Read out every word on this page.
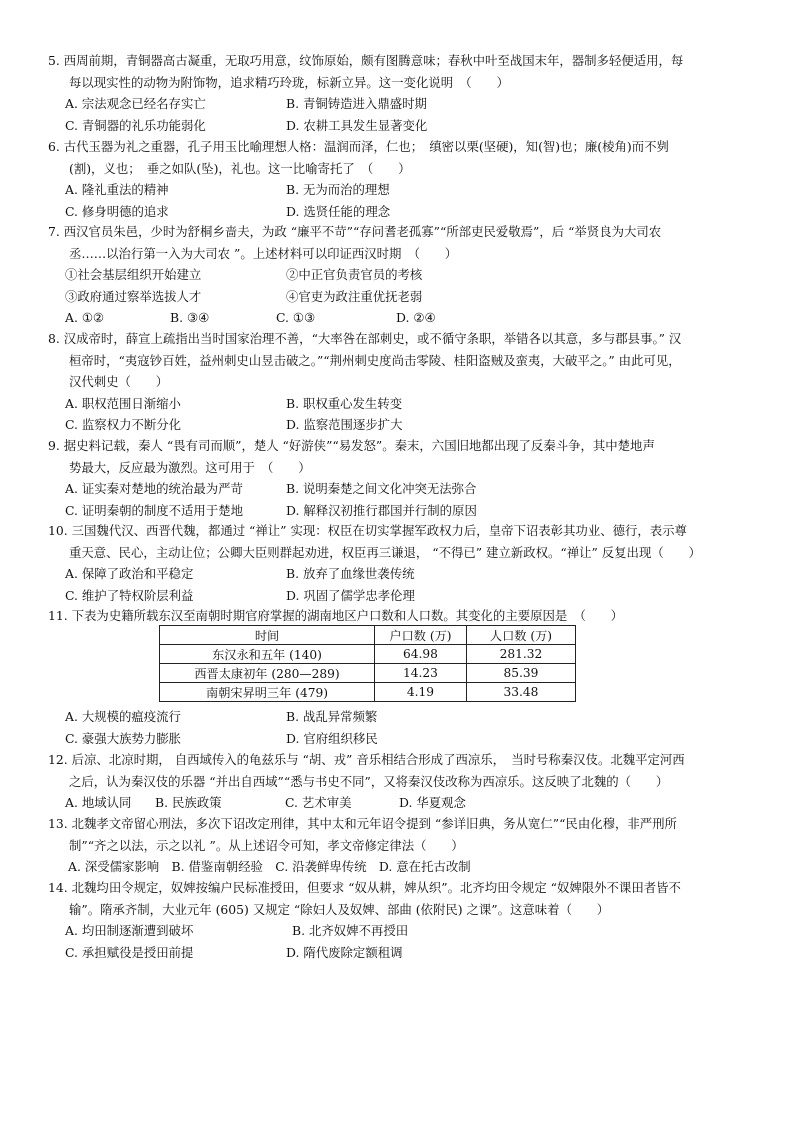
5. 西周前期，青铜器高古凝重，无取巧用意，纹饰原始，颇有图腾意味；春秋中叶至战国末年，器制多轻便适用，每

每以现实性的动物为附饰物，追求精巧玲珑，标新立异。这一变化说明　（　　）

A. 宗法观念已经名存实亡	B. 青铜铸造进入鼎盛时期
C. 青铜器的礼乐功能弱化	D. 农耕工具发生显著变化

6. 古代玉器为礼之重器，孔子用玉比喻理想人格：温润而泽，仁也；　缜密以栗(坚硬)，知(智)也；廉(棱角)而不刿

(割)，义也；　垂之如队(坠)，礼也。这一比喻寄托了　（　　）

A. 隆礼重法的精神	B. 无为而治的理想
C. 修身明德的追求	D. 选贤任能的理念

7. 西汉官员朱邑，少时为舒桐乡啬夫，为政 “廉平不苛”“存问耆老孤寡”“所部吏民爱敬焉”，后 “举贤良为大司农

丞……以治行第一入为大司农 ”。上述材料可以印证西汉时期　（　　）

①社会基层组织开始建立	②中正官负责官员的考核
③政府通过察举选拔人才	④官吏为政注重优抚老弱
A. ①②	B. ③④	C. ①③	D. ②④

8. 汉成帝时，薛宣上疏指出当时国家治理不善，“大率咎在部刺史，或不循守条职，举错各以其意，多与郡县事。” 汉

桓帝时，“夷寇钞百姓，益州刺史山昱击破之。”“荆州刺史度尚击零陵、桂阳盗贼及蛮夷，大破平之。” 由此可见，

汉代刺史（　　）

A. 职权范围日渐缩小	B. 职权重心发生转变
C. 监察权力不断分化	D. 监察范围逐步扩大

9. 据史料记载，秦人 “畏有司而顺”，楚人 “好游侠”“易发怒”。秦末，六国旧地都出现了反秦斗争，其中楚地声

势最大，反应最为激烈。这可用于　（　　）

A. 证实秦对楚地的统治最为严苛	B. 说明秦楚之间文化冲突无法弥合
C. 证明秦朝的制度不适用于楚地	D. 解释汉初推行郡国并行制的原因

10. 三国魏代汉、西晋代魏，都通过 “禅让” 实现：权臣在切实掌握军政权力后，皇帝下诏表彰其功业、德行，表示尊

重天意、民心，主动让位；公卿大臣则群起劝进，权臣再三谦退， “不得已” 建立新政权。“禅让” 反复出现（　　）

A. 保障了政治和平稳定	B. 放弃了血缘世袭传统
C. 维护了特权阶层利益	D. 巩固了儒学忠孝伦理

11. 下表为史籍所载东汉至南朝时期官府掌握的湖南地区户口数和人口数。其变化的主要原因是　（　　）

时间	户口数 (万)	人口数 (万)
东汉永和五年 (140)	64.98	281.32
西晋太康初年 (280—289)	14.23	85.39
南朝宋昇明三年 (479)	4.19	33.48
A. 大规模的瘟疫流行	B. 战乱异常频繁
C. 豪强大族势力膨胀	D. 官府组织移民

12. 后凉、北凉时期， 自西域传入的龟兹乐与 “胡、戎” 音乐相结合形成了西凉乐，　当时号称秦汉伎。北魏平定河西

之后，认为秦汉伎的乐器 “并出自西域”“悉与书史不同”，又将秦汉伎改称为西凉乐。这反映了北魏的（　　）

A. 地域认同 B. 民族政策	C. 艺术审美	D. 华夏观念

13. 北魏孝文帝留心刑法，多次下诏改定刑律，其中太和元年诏令提到 “参详旧典，务从宽仁”“民由化穆，非严刑所

制”“齐之以法，示之以礼 ”。从上述诏令可知，孝文帝修定律法（　　）

A. 深受儒家影响　B. 借鉴南朝经验　C. 沿袭鲜卑传统　D. 意在托古改制

14. 北魏均田令规定，奴婢按编户民标准授田，但要求 “奴从耕，婢从织”。北齐均田令规定 “奴婢限外不课田者皆不

输”。隋承齐制，大业元年 (605) 又规定 “除妇人及奴婢、部曲 (依附民) 之课”。这意味着（　　）

A. 均田制逐渐遭到破坏	B. 北齐奴婢不再授田
C. 承担赋役是授田前提	D. 隋代废除定额租调
